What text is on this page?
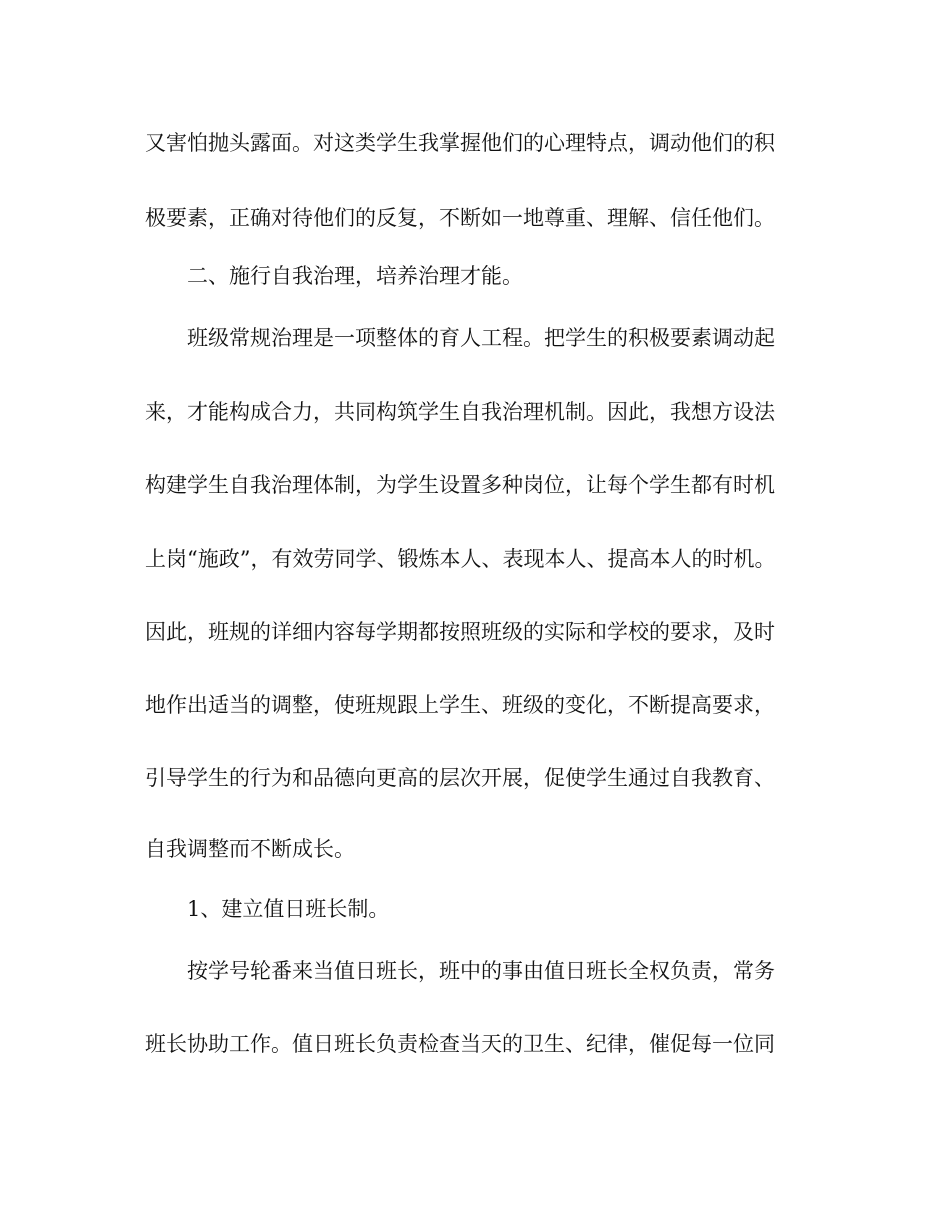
又害怕抛头露面。对这类学生我掌握他们的心理特点，调动他们的积

极要素，正确对待他们的反复，不断如一地尊重、理解、信任他们。

二、施行自我治理，培养治理才能。

班级常规治理是一项整体的育人工程。把学生的积极要素调动起

来，才能构成合力，共同构筑学生自我治理机制。因此，我想方设法

构建学生自我治理体制，为学生设置多种岗位，让每个学生都有时机

上岗“施政”，有效劳同学、锻炼本人、表现本人、提高本人的时机。

因此，班规的详细内容每学期都按照班级的实际和学校的要求，及时

地作出适当的调整，使班规跟上学生、班级的变化，不断提高要求，

引导学生的行为和品德向更高的层次开展，促使学生通过自我教育、

自我调整而不断成长。

1、建立值日班长制。

按学号轮番来当值日班长，班中的事由值日班长全权负责，常务

班长协助工作。值日班长负责检查当天的卫生、纪律，催促每一位同
